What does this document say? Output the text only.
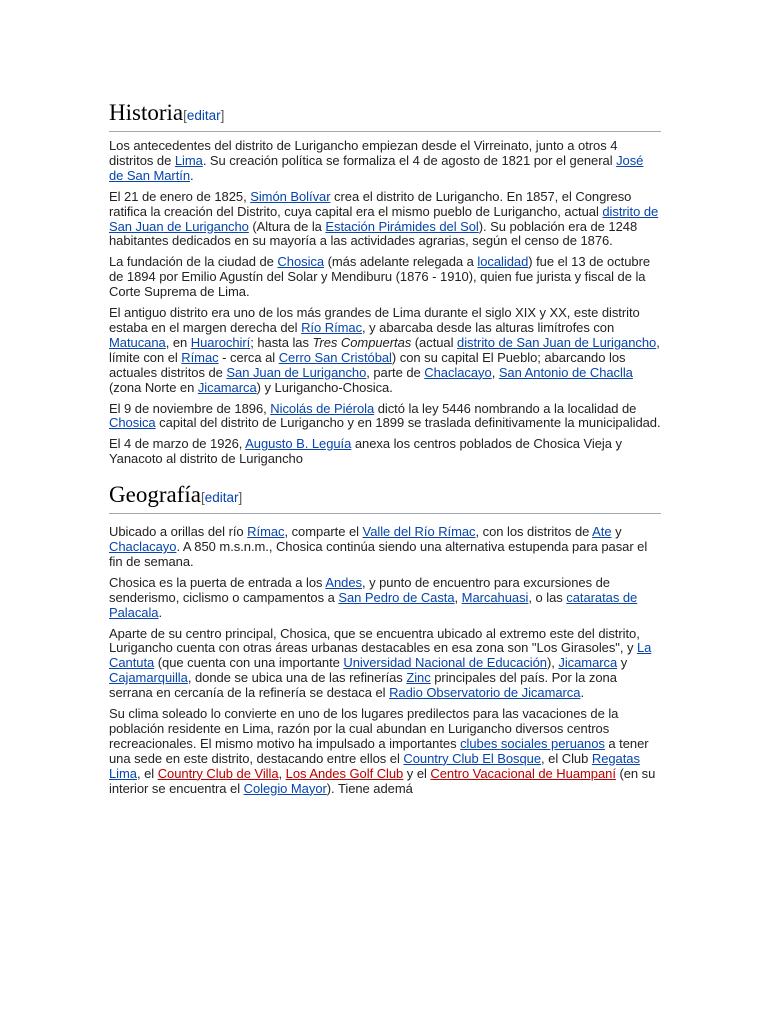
Historia[editar]

Los antecedentes del distrito de Lurigancho empiezan desde el Virreinato, junto a otros 4 distritos de Lima. Su creación política se formaliza el 4 de agosto de 1821 por el general José de San Martín.

El 21 de enero de 1825, Simón Bolívar crea el distrito de Lurigancho. En 1857, el Congreso ratifica la creación del Distrito, cuya capital era el mismo pueblo de Lurigancho, actual distrito de San Juan de Lurigancho (Altura de la Estación Pirámides del Sol). Su población era de 1248 habitantes dedicados en su mayoría a las actividades agrarias, según el censo de 1876.

La fundación de la ciudad de Chosica (más adelante relegada a localidad) fue el 13 de octubre de 1894 por Emilio Agustín del Solar y Mendiburu (1876 - 1910), quien fue jurista y fiscal de la Corte Suprema de Lima.

El antiguo distrito era uno de los más grandes de Lima durante el siglo XIX y XX, este distrito estaba en el margen derecha del Río Rímac, y abarcaba desde las alturas limítrofes con Matucana, en Huarochirí; hasta las Tres Compuertas (actual distrito de San Juan de Lurigancho, límite con el Rímac - cerca al Cerro San Cristóbal) con su capital El Pueblo; abarcando los actuales distritos de San Juan de Lurigancho, parte de Chaclacayo, San Antonio de Chaclla (zona Norte en Jicamarca) y Lurigancho-Chosica.

El 9 de noviembre de 1896, Nicolás de Piérola dictó la ley 5446 nombrando a la localidad de Chosica capital del distrito de Lurigancho y en 1899 se traslada definitivamente la municipalidad.

El 4 de marzo de 1926, Augusto B. Leguía anexa los centros poblados de Chosica Vieja y Yanacoto al distrito de Lurigancho

Geografía[editar]

Ubicado a orillas del río Rímac, comparte el Valle del Río Rímac, con los distritos de Ate y Chaclacayo. A 850 m.s.n.m., Chosica continúa siendo una alternativa estupenda para pasar el fin de semana.

Chosica es la puerta de entrada a los Andes, y punto de encuentro para excursiones de senderismo, ciclismo o campamentos a San Pedro de Casta, Marcahuasi, o las cataratas de Palacala.

Aparte de su centro principal, Chosica, que se encuentra ubicado al extremo este del distrito, Lurigancho cuenta con otras áreas urbanas destacables en esa zona son "Los Girasoles", y La Cantuta (que cuenta con una importante Universidad Nacional de Educación), Jicamarca y Cajamarquilla, donde se ubica una de las refinerías Zinc principales del país. Por la zona serrana en cercanía de la refinería se destaca el Radio Observatorio de Jicamarca.

Su clima soleado lo convierte en uno de los lugares predilectos para las vacaciones de la población residente en Lima, razón por la cual abundan en Lurigancho diversos centros recreacionales. El mismo motivo ha impulsado a importantes clubes sociales peruanos a tener una sede en este distrito, destacando entre ellos el Country Club El Bosque, el Club Regatas Lima, el Country Club de Villa, Los Andes Golf Club y el Centro Vacacional de Huampaní (en su interior se encuentra el Colegio Mayor). Tiene ademá
